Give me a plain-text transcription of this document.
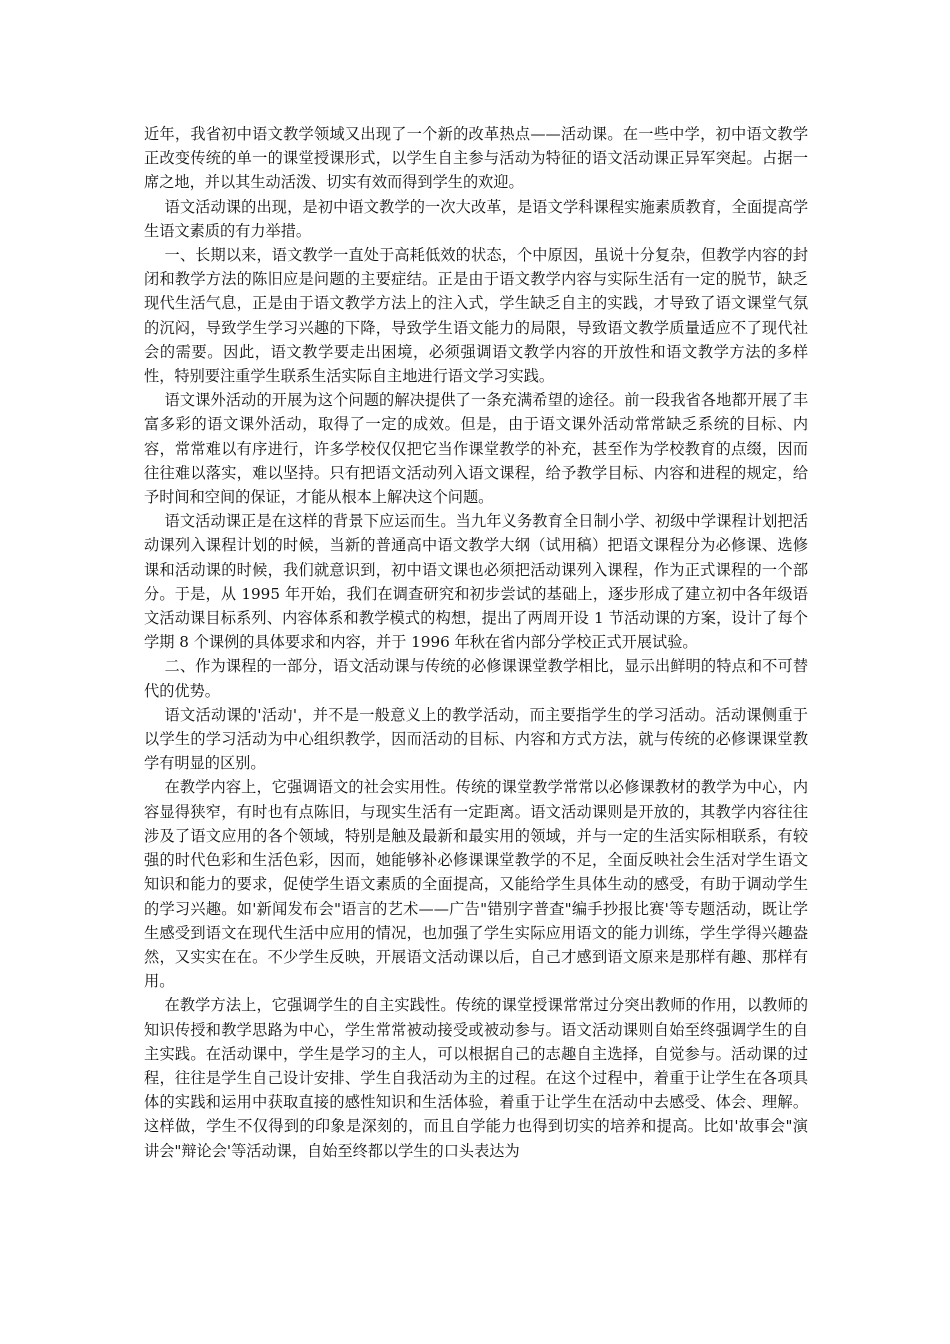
近年，我省初中语文教学领域又出现了一个新的改革热点——活动课。在一些中学，初中语文教学正改变传统的单一的课堂授课形式，以学生自主参与活动为特征的语文活动课正异军突起。占据一席之地，并以其生动活泼、切实有效而得到学生的欢迎。

语文活动课的出现，是初中语文教学的一次大改革，是语文学科课程实施素质教育，全面提高学生语文素质的有力举措。

一、长期以来，语文教学一直处于高耗低效的状态，个中原因，虽说十分复杂，但教学内容的封闭和教学方法的陈旧应是问题的主要症结。正是由于语文教学内容与实际生活有一定的脱节，缺乏现代生活气息，正是由于语文教学方法上的注入式，学生缺乏自主的实践，才导致了语文课堂气氛的沉闷，导致学生学习兴趣的下降，导致学生语文能力的局限，导致语文教学质量适应不了现代社会的需要。因此，语文教学要走出困境，必须强调语文教学内容的开放性和语文教学方法的多样性，特别要注重学生联系生活实际自主地进行语文学习实践。

语文课外活动的开展为这个问题的解决提供了一条充满希望的途径。前一段我省各地都开展了丰富多彩的语文课外活动，取得了一定的成效。但是，由于语文课外活动常常缺乏系统的目标、内容，常常难以有序进行，许多学校仅仅把它当作课堂教学的补充，甚至作为学校教育的点缀，因而往往难以落实，难以坚持。只有把语文活动列入语文课程，给予教学目标、内容和进程的规定，给予时间和空间的保证，才能从根本上解决这个问题。

语文活动课正是在这样的背景下应运而生。当九年义务教育全日制小学、初级中学课程计划把活动课列入课程计划的时候，当新的普通高中语文教学大纲（试用稿）把语文课程分为必修课、选修课和活动课的时候，我们就意识到，初中语文课也必须把活动课列入课程，作为正式课程的一个部分。于是，从 1995 年开始，我们在调查研究和初步尝试的基础上，逐步形成了建立初中各年级语文活动课目标系列、内容体系和教学模式的构想，提出了两周开设 1 节活动课的方案，设计了每个学期 8 个课例的具体要求和内容，并于 1996 年秋在省内部分学校正式开展试验。

二、作为课程的一部分，语文活动课与传统的必修课课堂教学相比，显示出鲜明的特点和不可替代的优势。

语文活动课的'活动'，并不是一般意义上的教学活动，而主要指学生的学习活动。活动课侧重于以学生的学习活动为中心组织教学，因而活动的目标、内容和方式方法，就与传统的必修课课堂教学有明显的区别。

在教学内容上，它强调语文的社会实用性。传统的课堂教学常常以必修课教材的教学为中心，内容显得狭窄，有时也有点陈旧，与现实生活有一定距离。语文活动课则是开放的，其教学内容往往涉及了语文应用的各个领域，特别是触及最新和最实用的领域，并与一定的生活实际相联系，有较强的时代色彩和生活色彩，因而，她能够补必修课课堂教学的不足，全面反映社会生活对学生语文知识和能力的要求，促使学生语文素质的全面提高，又能给学生具体生动的感受，有助于调动学生的学习兴趣。如'新闻发布会"语言的艺术——广告"错别字普查"编手抄报比赛'等专题活动，既让学生感受到语文在现代生活中应用的情况，也加强了学生实际应用语文的能力训练，学生学得兴趣盎然，又实实在在。不少学生反映，开展语文活动课以后，自己才感到语文原来是那样有趣、那样有用。

在教学方法上，它强调学生的自主实践性。传统的课堂授课常常过分突出教师的作用，以教师的知识传授和教学思路为中心，学生常常被动接受或被动参与。语文活动课则自始至终强调学生的自主实践。在活动课中，学生是学习的主人，可以根据自己的志趣自主选择，自觉参与。活动课的过程，往往是学生自己设计安排、学生自我活动为主的过程。在这个过程中，着重于让学生在各项具体的实践和运用中获取直接的感性知识和生活体验，着重于让学生在活动中去感受、体会、理解。这样做，学生不仅得到的印象是深刻的，而且自学能力也得到切实的培养和提高。比如'故事会"演讲会"辩论会'等活动课，自始至终都以学生的口头表达为
